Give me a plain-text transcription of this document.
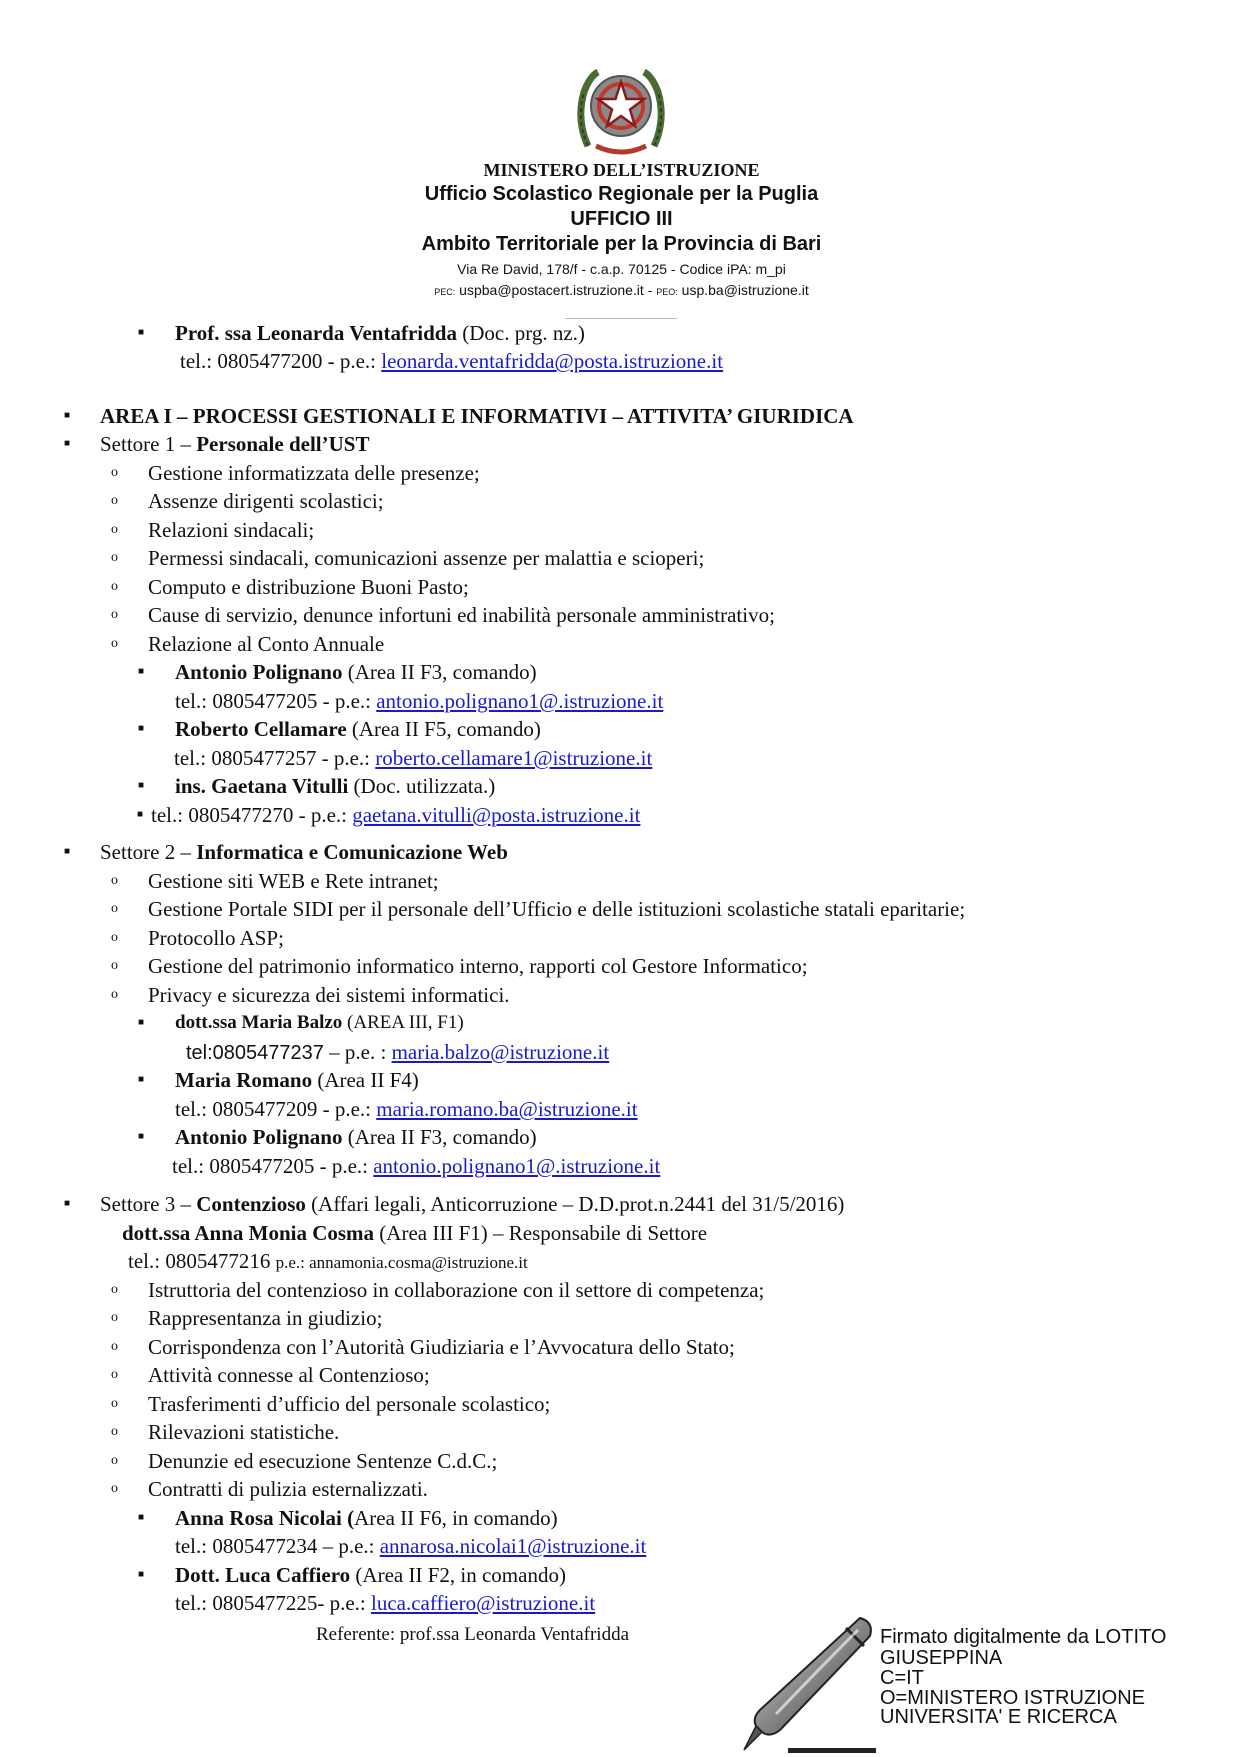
MINISTERO DELL’ISTRUZIONE
Ufficio Scolastico Regionale per la Puglia
UFFICIO III
Ambito Territoriale per la Provincia di Bari
Via Re David, 178/f - c.a.p. 70125 - Codice iPA: m_pi
PEC: uspba@postacert.istruzione.it - PEO: usp.ba@istruzione.it
■ Prof. ssa Leonarda Ventafridda (Doc. prg. nz.)
tel.: 0805477200 - p.e.: leonarda.ventafridda@posta.istruzione.it
■ AREA I – PROCESSI GESTIONALI E INFORMATIVI – ATTIVITA’ GIURIDICA
■ Settore 1 – Personale dell’UST
o Gestione informatizzata delle presenze;
o Assenze dirigenti scolastici;
o Relazioni sindacali;
o Permessi sindacali, comunicazioni assenze per malattia e scioperi;
o Computo e distribuzione Buoni Pasto;
o Cause di servizio, denunce infortuni ed inabilità personale amministrativo;
o Relazione al Conto Annuale
■ Antonio Polignano (Area II F3, comando)
tel.: 0805477205 - p.e.: antonio.polignano1@.istruzione.it
■ Roberto Cellamare (Area II F5, comando)
tel.: 0805477257 - p.e.: roberto.cellamare1@istruzione.it
■ ins. Gaetana Vitulli (Doc. utilizzata.)
■ tel.: 0805477270 - p.e.: gaetana.vitulli@posta.istruzione.it
■ Settore 2 – Informatica e Comunicazione Web
o Gestione siti WEB e Rete intranet;
o Gestione Portale SIDI per il personale dell’Ufficio e delle istituzioni scolastiche statali eparitarie;
o Protocollo ASP;
o Gestione del patrimonio informatico interno, rapporti col Gestore Informatico;
o Privacy e sicurezza dei sistemi informatici.
■ dott.ssa Maria Balzo (AREA III, F1)
tel:0805477237 – p.e. : maria.balzo@istruzione.it
■ Maria Romano (Area II F4)
tel.: 0805477209 - p.e.: maria.romano.ba@istruzione.it
■ Antonio Polignano (Area II F3, comando)
tel.: 0805477205 - p.e.: antonio.polignano1@.istruzione.it
■ Settore 3 – Contenzioso (Affari legali, Anticorruzione – D.D.prot.n.2441 del 31/5/2016)
dott.ssa Anna Monia Cosma (Area III F1) – Responsabile di Settore
tel.: 0805477216 p.e.: annamonia.cosma@istruzione.it
o Istruttoria del contenzioso in collaborazione con il settore di competenza;
o Rappresentanza in giudizio;
o Corrispondenza con l’Autorità Giudiziaria e l’Avvocatura dello Stato;
o Attività connesse al Contenzioso;
o Trasferimenti d’ufficio del personale scolastico;
o Rilevazioni statistiche.
o Denunzie ed esecuzione Sentenze C.d.C.;
o Contratti di pulizia esternalizzati.
■ Anna Rosa Nicolai (Area II F6, in comando)
tel.: 0805477234 – p.e.: annarosa.nicolai1@istruzione.it
■ Dott. Luca Caffiero (Area II F2, in comando)
tel.: 0805477225- p.e.: luca.caffiero@istruzione.it
Referente: prof.ssa Leonarda Ventafridda	Firmato digitalmente da LOTITO
GIUSEPPINA
C=IT
O=MINISTERO ISTRUZIONE
UNIVERSITA' E RICERCA
